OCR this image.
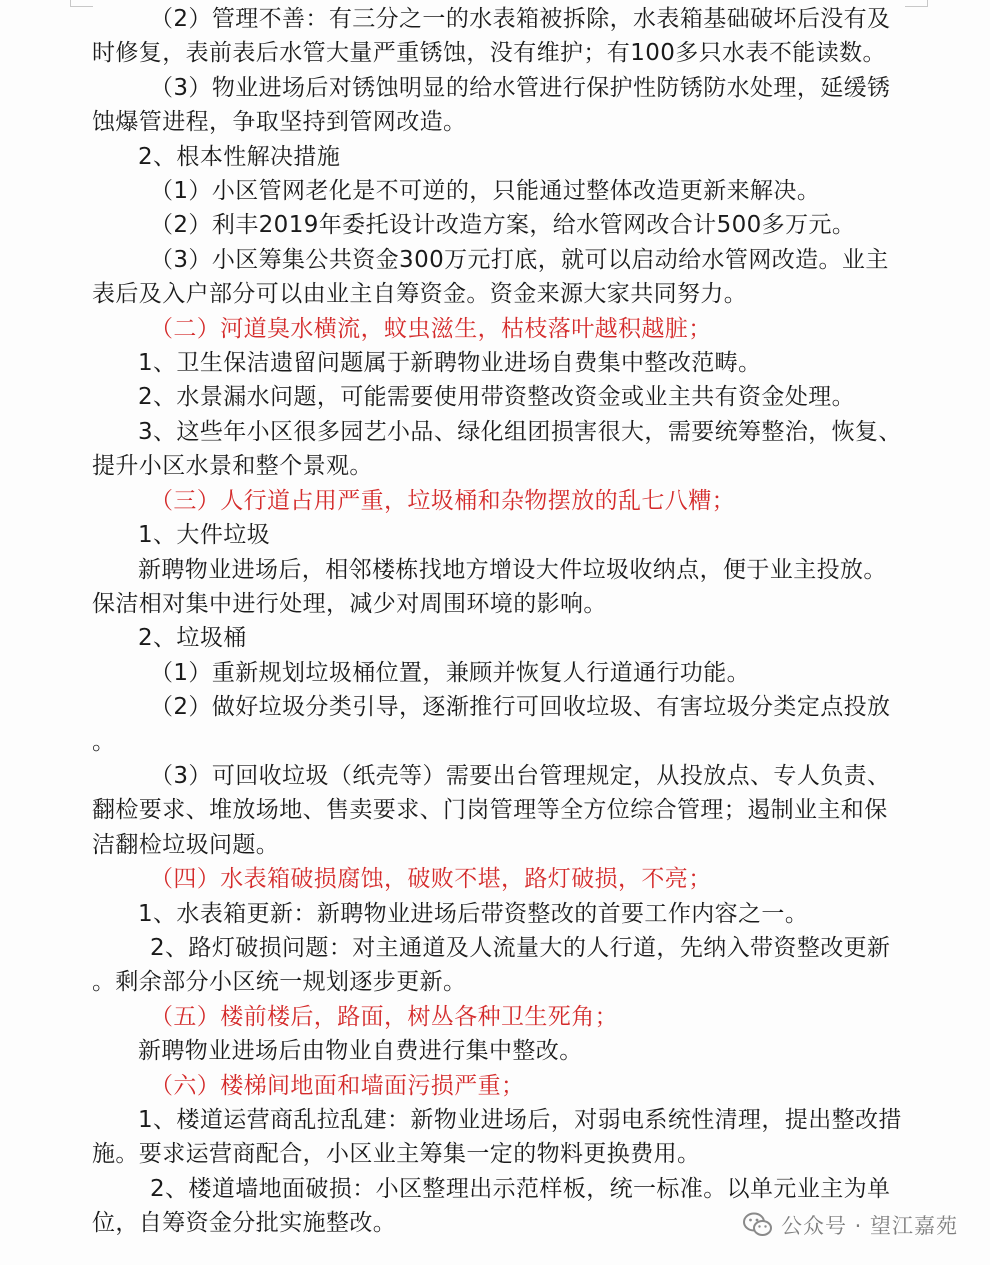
（2）管理不善：有三分之一的水表箱被拆除，水表箱基础破坏后没有及时修复，表前表后水管大量严重锈蚀，没有维护；有100多只水表不能读数。

（3）物业进场后对锈蚀明显的给水管进行保护性防锈防水处理，延缓锈蚀爆管进程，争取坚持到管网改造。

2、根本性解决措施

（1）小区管网老化是不可逆的，只能通过整体改造更新来解决。

（2）利丰2019年委托设计改造方案，给水管网改合计500多万元。

（3）小区筹集公共资金300万元打底，就可以启动给水管网改造。业主表后及入户部分可以由业主自筹资金。资金来源大家共同努力。

（二）河道臭水横流，蚊虫滋生，枯枝落叶越积越脏；

1、卫生保洁遗留问题属于新聘物业进场自费集中整改范畴。

2、水景漏水问题，可能需要使用带资整改资金或业主共有资金处理。

3、这些年小区很多园艺小品、绿化组团损害很大，需要统筹整治，恢复、提升小区水景和整个景观。

（三）人行道占用严重，垃圾桶和杂物摆放的乱七八糟；

1、大件垃圾

新聘物业进场后，相邻楼栋找地方增设大件垃圾收纳点，便于业主投放。保洁相对集中进行处理，减少对周围环境的影响。

2、垃圾桶

（1）重新规划垃圾桶位置，兼顾并恢复人行道通行功能。

（2）做好垃圾分类引导，逐渐推行可回收垃圾、有害垃圾分类定点投放

。

（3）可回收垃圾（纸壳等）需要出台管理规定，从投放点、专人负责、翻检要求、堆放场地、售卖要求、门岗管理等全方位综合管理；遏制业主和保洁翻检垃圾问题。

（四）水表箱破损腐蚀，破败不堪，路灯破损，不亮；

1、水表箱更新：新聘物业进场后带资整改的首要工作内容之一。

2、路灯破损问题：对主通道及人流量大的人行道，先纳入带资整改更新

。剩余部分小区统一规划逐步更新。

（五）楼前楼后，路面，树丛各种卫生死角；

新聘物业进场后由物业自费进行集中整改。

（六）楼梯间地面和墙面污损严重；

1、楼道运营商乱拉乱建：新物业进场后，对弱电系统性清理，提出整改措施。要求运营商配合，小区业主筹集一定的物料更换费用。

2、楼道墙地面破损：小区整理出示范样板，统一标准。以单元业主为单位，自筹资金分批实施整改。	公众号 · 望江嘉苑
